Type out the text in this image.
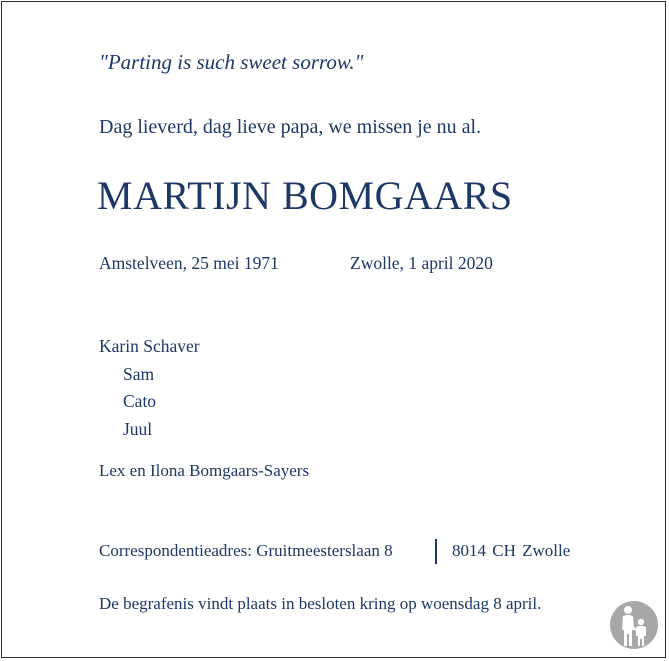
"Parting is such sweet sorrow."
Dag lieverd, dag lieve papa, we missen je nu al.
MARTIJN BOMGAARS
Amstelveen, 25 mei 1971	Zwolle, 1 april 2020
Karin Schaver
Sam
Cato
Juul
Lex en Ilona Bomgaars-Sayers
Correspondentieadres: Gruitmeesterslaan 8	8014 CH Zwolle
De begrafenis vindt plaats in besloten kring op woensdag 8 april.
